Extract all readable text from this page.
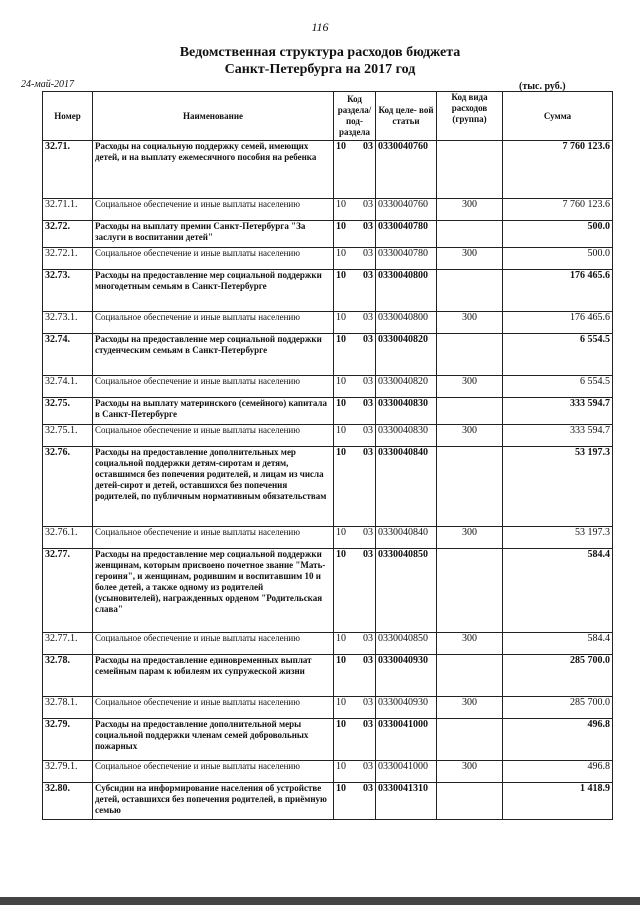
116
Ведомственная структура расходов бюджета
Санкт-Петербурга на 2017 год
24-май-2017	(тыс. руб.)
Номер	Наименование	Код раздела/ под- раздела	Код целе- вой статьи	Код вида расходов (группа)	Сумма
32.71.	Расходы на социальную поддержку семей, имеющих детей, и на выплату ежемесячного пособия на ребенка	10 03	0330040760		7 760 123.6
32.71.1.	Социальное обеспечение и иные выплаты населению	10 03	0330040760	300	7 760 123.6
32.72.	Расходы на выплату премии Санкт-Петербурга "За заслуги в воспитании детей"	10 03	0330040780		500.0
32.72.1.	Социальное обеспечение и иные выплаты населению	10 03	0330040780	300	500.0
32.73.	Расходы на предоставление мер социальной поддержки многодетным семьям в Санкт-Петербурге	10 03	0330040800		176 465.6
32.73.1.	Социальное обеспечение и иные выплаты населению	10 03	0330040800	300	176 465.6
32.74.	Расходы на предоставление мер социальной поддержки студенческим семьям в Санкт-Петербурге	10 03	0330040820		6 554.5
32.74.1.	Социальное обеспечение и иные выплаты населению	10 03	0330040820	300	6 554.5
32.75.	Расходы на выплату материнского (семейного) капитала в Санкт-Петербурге	10 03	0330040830		333 594.7
32.75.1.	Социальное обеспечение и иные выплаты населению	10 03	0330040830	300	333 594.7
32.76.	Расходы на предоставление дополнительных мер социальной поддержки детям-сиротам и детям, оставшимся без попечения родителей, и лицам из числа детей-сирот и детей, оставшихся без попечения родителей, по публичным нормативным обязательствам	10 03	0330040840		53 197.3
32.76.1.	Социальное обеспечение и иные выплаты населению	10 03	0330040840	300	53 197.3
32.77.	Расходы на предоставление мер социальной поддержки женщинам, которым присвоено почетное звание "Мать-героиня", и женщинам, родившим и воспитавшим 10 и более детей, а также одному из родителей (усыновителей), награжденных орденом "Родительская слава"	10 03	0330040850		584.4
32.77.1.	Социальное обеспечение и иные выплаты населению	10 03	0330040850	300	584.4
32.78.	Расходы на предоставление единовременных выплат семейным парам к юбилеям их супружеской жизни	10 03	0330040930		285 700.0
32.78.1.	Социальное обеспечение и иные выплаты населению	10 03	0330040930	300	285 700.0
32.79.	Расходы на предоставление дополнительной меры социальной поддержки членам семей добровольных пожарных	10 03	0330041000		496.8
32.79.1.	Социальное обеспечение и иные выплаты населению	10 03	0330041000	300	496.8
32.80.	Субсидии на информирование населения об устройстве детей, оставшихся без попечения родителей, в приёмную семью	10 03	0330041310		1 418.9
